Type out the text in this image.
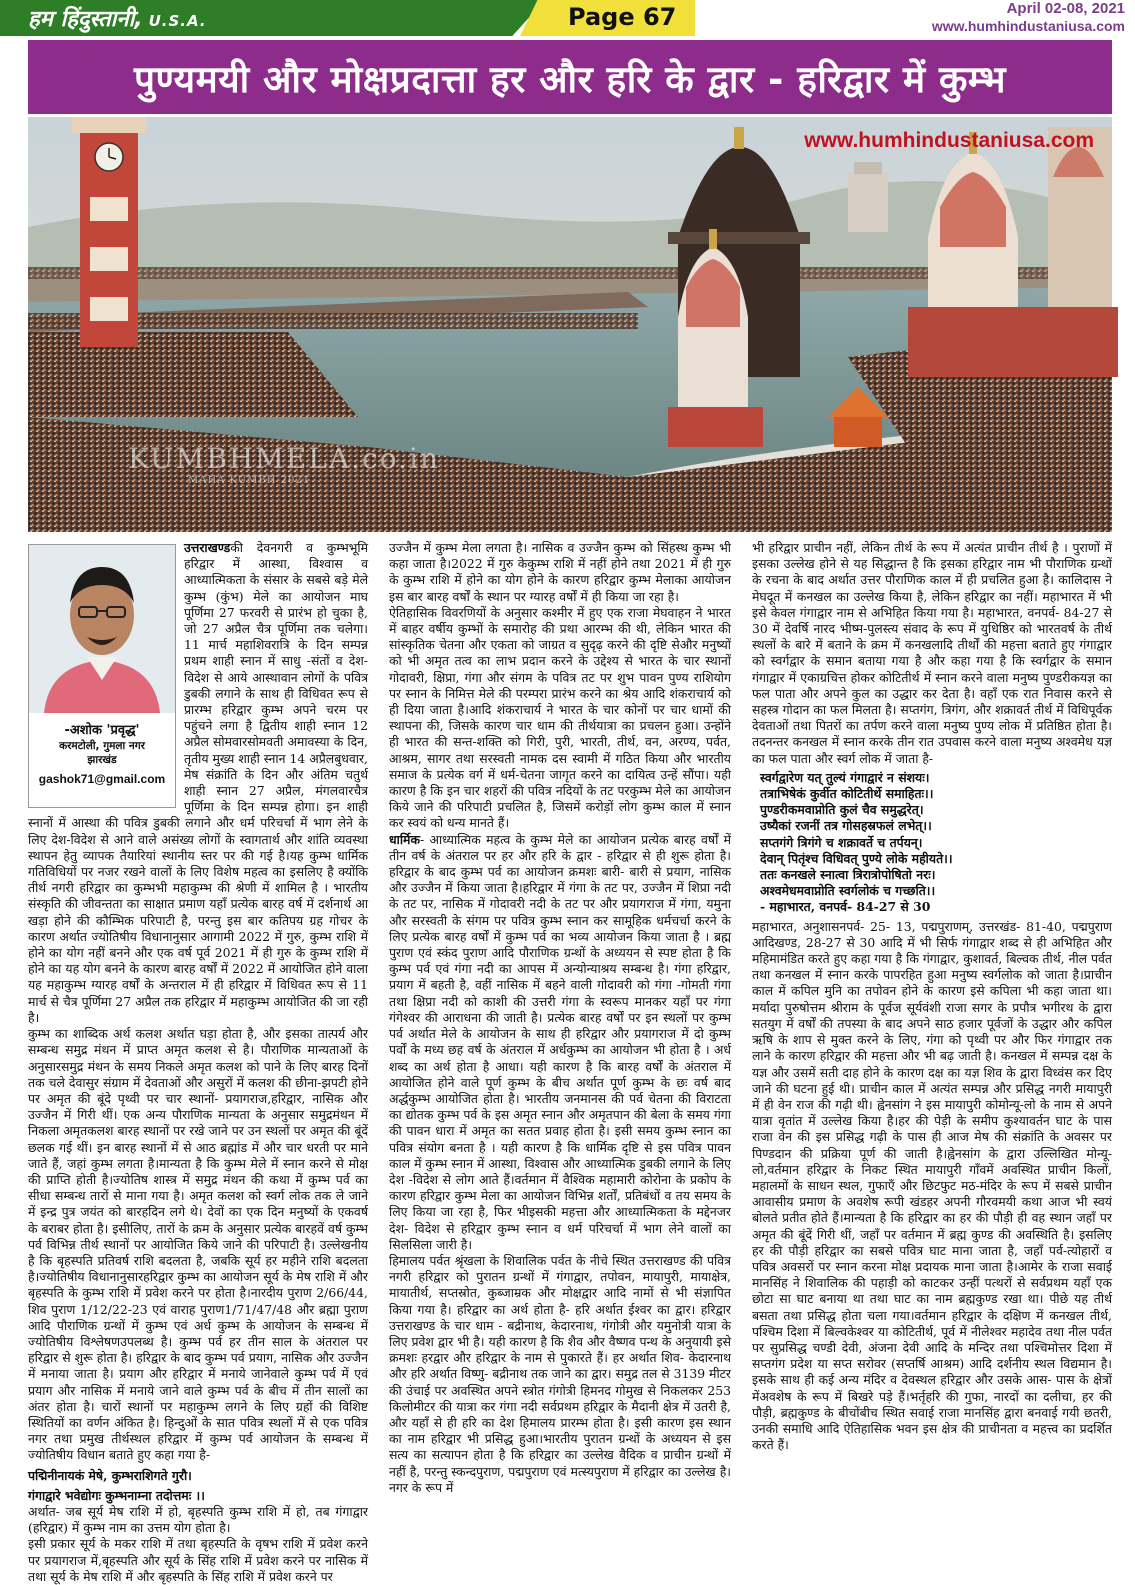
हम हिंदुस्तानी, U.S.A.	Page 67	April 02-08, 2021
www.humhindustaniusa.com
पुण्यमयी और मोक्षप्रदात्ता हर और हरि के द्वार - हरिद्वार में कुम्भ
www.humhindustaniusa.com
KUMBHMELA.co.in
MAHA KUMBH 2021
-अशोक 'प्रवृद्ध'
करमटोली, गुमला नगर
झारखंड
gashok71@gmail.com

उत्तराखण्डकी देवनगरी व कुम्भभूमि हरिद्वार में आस्था, विश्वास व आध्यात्मिकता के संसार के सबसे बड़े मेले कुम्भ (कुंभ) मेले का आयोजन माघ पूर्णिमा 27 फरवरी से प्रारंभ हो चुका है, जो 27 अप्रैल चैत्र पूर्णिमा तक चलेगा। 11 मार्च महाशिवरात्रि के दिन सम्पन्न प्रथम शाही स्नान में साधु -संतों व देश- विदेश से आये आस्थावान लोगों के पवित्र डुबकी लगाने के साथ ही विधिवत रूप से प्रारम्भ हरिद्वार कुम्भ अपने चरम पर पहुंचने लगा है द्वितीय शाही स्नान 12 अप्रैल सोमवारसोमवती अमावस्या के दिन, तृतीय मुख्य शाही स्नान 14 अप्रैलबुधवार, मेष संक्रांति के दिन और अंतिम चतुर्थ शाही स्नान 27 अप्रैल, मंगलवारचैत्र पूर्णिमा के दिन सम्पन्न होगा। इन शाही स्नानों में आस्था की पवित्र डुबकी लगाने और धर्म परिचर्चा में भाग लेने के लिए देश-विदेश से आने वाले असंख्य लोगों के स्वागतार्थ और शांति व्यवस्था स्थापन हेतु व्यापक तैयारियां स्थानीय स्तर पर की गई है।यह कुम्भ धार्मिक गतिविधियों पर नजर रखने वालों के लिए विशेष महत्व का इसलिए है क्योंकि तीर्थ नगरी हरिद्वार का कुम्भभी महाकुम्भ की श्रेणी में शामिल है । भारतीय संस्कृति की जीवन्तता का साक्षात प्रमाण यहाँ प्रत्येक बारह वर्ष में दर्शनार्थ आ खड़ा होने की कौम्भिक परिपाटी है, परन्तु इस बार कतिपय ग्रह गोचर के कारण अर्थात ज्योतिषीय विधानानुसार आगामी 2022 में गुरु, कुम्भ राशि में होने का योग नहीं बनने और एक वर्ष पूर्व 2021 में ही गुरु के कुम्भ राशि में होने का यह योग बनने के कारण बारह वर्षों में 2022 में आयोजित होने वाला यह महाकुम्भ ग्यारह वर्षों के अन्तराल में ही हरिद्वार में विधिवत रूप से 11 मार्च से चैत्र पूर्णिमा 27 अप्रैल तक हरिद्वार में महाकुम्भ आयोजित की जा रही है।

कुम्भ का शाब्दिक अर्थ कलश अर्थात घड़ा होता है, और इसका तात्पर्य और सम्बन्ध समुद्र मंथन में प्राप्त अमृत कलश से है। पौराणिक मान्यताओं के अनुसारसमुद्र मंथन के समय निकले अमृत कलश को पाने के लिए बारह दिनों तक चले देवासुर संग्राम में देवताओं और असुरों में कलश की छीना-झपटी होने पर अमृत की बूंदे पृथ्वी पर चार स्थानों- प्रयागराज,हरिद्वार, नासिक और उज्जैन में गिरी थीं। एक अन्य पौराणिक मान्यता के अनुसार समुद्रमंथन में निकला अमृतकलश बारह स्थानों पर रखे जाने पर उन स्थलों पर अमृत की बूंदें छलक गई थीं। इन बारह स्थानों में से आठ ब्रह्मांड में और चार धरती पर माने जाते हैं, जहां कुम्भ लगता है।मान्यता है कि कुम्भ मेले में स्नान करने से मोक्ष की प्राप्ति होती है।ज्योतिष शास्त्र में समुद्र मंथन की कथा में कुम्भ पर्व का सीधा सम्बन्ध तारों से माना गया है। अमृत कलश को स्वर्ग लोक तक ले जाने में इन्द्र पुत्र जयंत को बारहदिन लगे थे। देवों का एक दिन मनुष्यों के एकवर्ष के बराबर होता है। इसीलिए, तारों के क्रम के अनुसार प्रत्येक बारहवें वर्ष कुम्भ पर्व विभिन्न तीर्थ स्थानों पर आयोजित किये जाने की परिपाटी है। उल्लेखनीय है कि बृहस्पति प्रतिवर्ष राशि बदलता है, जबकि सूर्य हर महीने राशि बदलता है।ज्योतिषीय विधानानुसारहरिद्वार कुम्भ का आयोजन सूर्य के मेष राशि में और बृहस्पति के कुम्भ राशि में प्रवेश करने पर होता है।नारदीय पुराण 2/66/44, शिव पुराण 1/12/22-23 एवं वाराह पुराण1/71/47/48 और ब्रह्मा पुराण आदि पौराणिक ग्रन्थों में कुम्भ एवं अर्ध कुम्भ के आयोजन के सम्बन्ध में ज्योतिषीय विश्लेषणउपलब्ध है। कुम्भ पर्व हर तीन साल के अंतराल पर हरिद्वार से शुरू होता है। हरिद्वार के बाद कुम्भ पर्व प्रयाग, नासिक और उज्जैन में मनाया जाता है। प्रयाग और हरिद्वार में मनाये जानेवाले कुम्भ पर्व में एवं प्रयाग और नासिक में मनाये जाने वाले कुम्भ पर्व के बीच में तीन सालों का अंतर होता है। चारों स्थानों पर महाकुम्भ लगने के लिए ग्रहों की विशिष्ट स्थितियों का वर्णन अंकित है। हिन्दुओं के सात पवित्र स्थलों में से एक पवित्र नगर तथा प्रमुख तीर्थस्थल हरिद्वार में कुम्भ पर्व आयोजन के सम्बन्ध में ज्योतिषीय विधान बताते हुए कहा गया है-

पद्मिनीनायकं मेषे, कुम्भराशिगते गुरौ।
गंगाद्वारे भवेद्योगः कुम्भनाम्ना तदोत्तमः ।।

अर्थात- जब सूर्य मेष राशि में हो, बृहस्पति कुम्भ राशि में हो, तब गंगाद्वार (हरिद्वार) में कुम्भ नाम का उत्तम योग होता है।

इसी प्रकार सूर्य के मकर राशि में तथा बृहस्पति के वृषभ राशि में प्रवेश करने पर प्रयागराज में,बृहस्पति और सूर्य के सिंह राशि में प्रवेश करने पर नासिक में तथा सूर्य के मेष राशि में और बृहस्पति के सिंह राशि में प्रवेश करने पर

उज्जैन में कुम्भ मेला लगता है। नासिक व उज्जैन कुम्भ को सिंहस्थ कुम्भ भी कहा जाता है।2022 में गुरु केकुम्भ राशि में नहीं होने तथा 2021 में ही गुरु के कुम्भ राशि में होने का योग होने के कारण हरिद्वार कुम्भ मेलाका आयोजन इस बार बारह वर्षों के स्थान पर ग्यारह वर्षों में ही किया जा रहा है।

ऐतिहासिक विवरणियों के अनुसार कश्मीर में हुए एक राजा मेघवाहन ने भारत में बाहर वर्षीय कुम्भों के समारोह की प्रथा आरम्भ की थी, लेकिन भारत की सांस्कृतिक चेतना और एकता को जाग्रत व सुदृढ़ करने की दृष्टि सेऔर मनुष्यों को भी अमृत तत्व का लाभ प्रदान करने के उद्देश्य से भारत के चार स्थानों गोदावरी, क्षिप्रा, गंगा और संगम के पवित्र तट पर शुभ पावन पुण्य राशियोग पर स्नान के निमित्त मेले की परम्परा प्रारंभ करने का श्रेय आदि शंकराचार्य को ही दिया जाता है।आदि शंकराचार्य ने भारत के चार कोनों पर चार धामों की स्थापना की, जिसके कारण चार धाम की तीर्थयात्रा का प्रचलन हुआ। उन्होंने ही भारत की सन्त-शक्ति को गिरी, पुरी, भारती, तीर्थ, वन, अरण्य, पर्वत, आश्रम, सागर तथा सरस्वती नामक दस स्वामी में गठित किया और भारतीय समाज के प्रत्येक वर्ग में धर्म-चेतना जागृत करने का दायित्व उन्हें सौंपा। यही कारण है कि इन चार शहरों की पवित्र नदियों के तट परकुम्भ मेले का आयोजन किये जाने की परिपाटी प्रचलित है, जिसमें करोड़ों लोग कुम्भ काल में स्नान कर स्वयं को धन्य मानते हैं।

धार्मिक- आध्यात्मिक महत्व के कुम्भ मेले का आयोजन प्रत्येक बारह वर्षों में तीन वर्ष के अंतराल पर हर और हरि के द्वार - हरिद्वार से ही शुरू होता है। हरिद्वार के बाद कुम्भ पर्व का आयोजन क्रमशः बारी- बारी से प्रयाग, नासिक और उज्जैन में किया जाता है।हरिद्वार में गंगा के तट पर, उज्जैन में शिप्रा नदी के तट पर, नासिक में गोदावरी नदी के तट पर और प्रयागराज में गंगा, यमुना और सरस्वती के संगम पर पवित्र कुम्भ स्नान कर सामूहिक धर्मचर्चा करने के लिए प्रत्येक बारह वर्षों में कुम्भ पर्व का भव्य आयोजन किया जाता है । ब्रह्म पुराण एवं स्कंद पुराण आदि पौराणिक ग्रन्थों के अध्ययन से स्पष्ट होता है कि कुम्भ पर्व एवं गंगा नदी का आपस में अन्योन्याश्रय सम्बन्ध है। गंगा हरिद्वार, प्रयाग में बहती है, वहीं नासिक में बहने वाली गोदावरी को गंगा -गोमती गंगा तथा क्षिप्रा नदी को काशी की उत्तरी गंगा के स्वरूप मानकर यहाँ पर गंगा गंगेश्वर की आराधना की जाती है। प्रत्येक बारह वर्षों पर इन स्थलों पर कुम्भ पर्व अर्थात मेले के आयोजन के साथ ही हरिद्वार और प्रयागराज में दो कुम्भ पर्वों के मध्य छह वर्ष के अंतराल में अर्धकुम्भ का आयोजन भी होता है । अर्ध शब्द का अर्थ होता है आधा। यही कारण है कि बारह वर्षों के अंतराल में आयोजित होने वाले पूर्ण कुम्भ के बीच अर्थात पूर्ण कुम्भ के छः वर्ष बाद अर्द्धकुम्भ आयोजित होता है। भारतीय जनमानस की पर्व चेतना की विराटता का द्योतक कुम्भ पर्व के इस अमृत स्नान और अमृतपान की बेला के समय गंगा की पावन धारा में अमृत का सतत प्रवाह होता है। इसी समय कुम्भ स्नान का पवित्र संयोग बनता है । यही कारण है कि धार्मिक दृष्टि से इस पवित्र पावन काल में कुम्भ स्नान में आस्था, विश्वास और आध्यात्मिक डुबकी लगाने के लिए देश -विदेश से लोग आते हैं।वर्तमान में वैश्विक महामारी कोरोना के प्रकोप के कारण हरिद्वार कुम्भ मेला का आयोजन विभिन्न शर्तों, प्रतिबंधों व तय समय के लिए किया जा रहा है, फिर भीइसकी महत्ता और आध्यात्मिकता के मद्देनजर देश- विदेश से हरिद्वार कुम्भ स्नान व धर्म परिचर्चा में भाग लेने वालों का सिलसिला जारी है।

हिमालय पर्वत श्रृंखला के शिवालिक पर्वत के नीचे स्थित उत्तराखण्ड की पवित्र नगरी हरिद्वार को पुरातन ग्रन्थों में गंगाद्वार, तपोवन, मायापुरी, मायाक्षेत्र, मायातीर्थ, सप्तस्रोत, कुब्जाम्रक और मोक्षद्वार आदि नामों से भी संज्ञापित किया गया है। हरिद्वार का अर्थ होता है- हरि अर्थात ईश्वर का द्वार। हरिद्वार उत्तराखण्ड के चार धाम - बद्रीनाथ, केदारनाथ, गंगोत्री और यमुनोत्री यात्रा के लिए प्रवेश द्वार भी है। यही कारण है कि शैव और वैष्णव पन्थ के अनुयायी इसे क्रमशः हरद्वार और हरिद्वार के नाम से पुकारते हैं। हर अर्थात शिव- केदारनाथ और हरि अर्थात विष्णु- बद्रीनाथ तक जाने का द्वार। समुद्र तल से 3139 मीटर की उंचाई पर अवस्थित अपने स्त्रोत गंगोत्री हिमनद गोमुख से निकलकर 253 किलोमीटर की यात्रा कर गंगा नदी सर्वप्रथम हरिद्वार के मैदानी क्षेत्र में उतरी है, और यहाँ से ही हरि का देश हिमालय प्रारम्भ होता है। इसी कारण इस स्थान का नाम हरिद्वार भी प्रसिद्ध हुआ।भारतीय पुरातन ग्रन्थों के अध्ययन से इस सत्य का सत्यापन होता है कि हरिद्वार का उल्लेख वैदिक व प्राचीन ग्रन्थों में नहीं है, परन्तु स्कन्दपुराण, पद्मपुराण एवं मत्स्यपुराण में हरिद्वार का उल्लेख है। नगर के रूप में

भी हरिद्वार प्राचीन नहीं, लेकिन तीर्थ के रूप में अत्यंत प्राचीन तीर्थ है । पुराणों में इसका उल्लेख होने से यह सिद्धान्त है कि इसका हरिद्वार नाम भी पौराणिक ग्रन्थों के रचना के बाद अर्थात उत्तर पौराणिक काल में ही प्रचलित हुआ है। कालिदास ने मेघदूत में कनखल का उल्लेख किया है, लेकिन हरिद्वार का नहीं। महाभारत में भी इसे केवल गंगाद्वार नाम से अभिहित किया गया है। महाभारत, वनपर्व- 84-27 से 30 में देवर्षि नारद भीष्म-पुलस्त्य संवाद के रूप में युधिष्ठिर को भारतवर्ष के तीर्थ स्थलों के बारे में बताने के क्रम में कनखलादि तीर्थों की महत्ता बताते हुए गंगाद्वार को स्वर्गद्वार के समान बताया गया है और कहा गया है कि स्वर्गद्वार के समान गंगाद्वार में एकाग्रचित्त होकर कोटितीर्थ में स्नान करने वाला मनुष्य पुण्डरीकयज्ञ का फल पाता और अपने कुल का उद्धार कर देता है। वहाँ एक रात निवास करने से सहस्त्र गोदान का फल मिलता है। सप्तगंग, त्रिगंग, और शक्रावर्त तीर्थ में विधिपूर्वक देवताओं तथा पितरों का तर्पण करने वाला मनुष्य पुण्य लोक में प्रतिष्ठित होता है। तदनन्तर कनखल में स्नान करके तीन रात उपवास करने वाला मनुष्य अश्वमेध यज्ञ का फल पाता और स्वर्ग लोक में जाता है-

स्वर्गद्वारेण यत् तुल्यं गंगाद्वारं न संशयः।
तत्राभिषेकं कुर्वीत कोटितीर्थे समाहितः।।
पुण्डरीकमवाप्नोति कुलं चैव समुद्धरेत्।
उष्यैकां रजनीं तत्र गोसहस्रफलं लभेत्।।
सप्तगंगे त्रिगंगे च शक्रावर्ते च तर्पयन्।
देवान् पितृंश्च विधिवत् पुण्ये लोके महीयते।।
ततः कनखले स्नात्वा त्रिरात्रोपोषितो नरः।
अश्वमेधमवाप्नोति स्वर्गलोकं च गच्छति।।
- महाभारत, वनपर्व- 84-27 से 30

महाभारत, अनुशासनपर्व- 25- 13, पद्मपुराणम्, उत्तरखंड- 81-40, पद्मपुराण आदिखण्ड, 28-27 से 30 आदि में भी सिर्फ गंगाद्वार शब्द से ही अभिहित और महिमामंडित करते हुए कहा गया है कि गंगाद्वार, कुशावर्त, बिल्वक तीर्थ, नील पर्वत तथा कनखल में स्नान करके पापरहित हुआ मनुष्य स्वर्गलोक को जाता है।प्राचीन काल में कपिल मुनि का तपोवन होने के कारण इसे कपिला भी कहा जाता था। मर्यादा पुरुषोत्तम श्रीराम के पूर्वज सूर्यवंशी राजा सगर के प्रपौत्र भगीरथ के द्वारा सतयुग में वर्षों की तपस्या के बाद अपने साठ हजार पूर्वजों के उद्धार और कपिल ऋषि के शाप से मुक्त करने के लिए, गंगा को पृथ्वी पर और फिर गंगाद्वार तक लाने के कारण हरिद्वार की महत्ता और भी बढ़ जाती है। कनखल में सम्पन्न दक्ष के यज्ञ और उसमें सती दाह होने के कारण दक्ष का यज्ञ शिव के द्वारा विध्वंस कर दिए जाने की घटना हुई थी। प्राचीन काल में अत्यंत सम्पन्न और प्रसिद्ध नगरी मायापुरी में ही वेन राज की गढ़ी थी। ह्वेनसांग ने इस मायापुरी कोमोन्यू-लो के नाम से अपने यात्रा वृतांत में उल्लेख किया है।हर की पेड़ी के समीप कुश्यावर्तन घाट के पास राजा वेन की इस प्रसिद्ध गढ़ी के पास ही आज मेष की संक्रांति के अवसर पर पिण्डदान की प्रक्रिया पूर्ण की जाती है।ह्वेनसांग के द्वारा उल्लिखित मोन्यू-लो,वर्तमान हरिद्वार के निकट स्थित मायापुरी गाँवमें अवस्थित प्राचीन किलों, महालमों के साधन स्थल, गुफाएँ और छिटफुट मठ-मंदिर के रूप में सबसे प्राचीन आवासीय प्रमाण के अवशेष रूपी खंडहर अपनी गौरवमयी कथा आज भी स्वयं बोलते प्रतीत होते हैं।मान्यता है कि हरिद्वार का हर की पौड़ी ही वह स्थान जहाँ पर अमृत की बूंदें गिरी थीं, जहाँ पर वर्तमान में ब्रह्म कुण्ड की अवस्थिति है। इसलिए हर की पौड़ी हरिद्वार का सबसे पवित्र घाट माना जाता है, जहाँ पर्व-त्योहारों व पवित्र अवसरों पर स्नान करना मोक्ष प्रदायक माना जाता है।आमेर के राजा सवाई मानसिंह ने शिवालिक की पहाड़ी को काटकर उन्हीं पत्थरों से सर्वप्रथम यहाँ एक छोटा सा घाट बनाया था तथा घाट का नाम ब्रह्मकुण्ड रखा था। पीछे यह तीर्थ बसता तथा प्रसिद्ध होता चला गया।वर्तमान हरिद्वार के दक्षिण में कनखल तीर्थ, पश्चिम दिशा में बिल्वकेश्वर या कोटितीर्थ, पूर्व में नीलेश्वर महादेव तथा नील पर्वत पर सुप्रसिद्ध चण्डी देवी, अंजना देवी आदि के मन्दिर तथा पश्चिमोत्तर दिशा में सप्तगंग प्रदेश या सप्त सरोवर (सप्तर्षि आश्रम) आदि दर्शनीय स्थल विद्यमान है।इसके साथ ही कई अन्य मंदिर व देवस्थल हरिद्वार और उसके आस- पास के क्षेत्रों मेंअवशेष के रूप में बिखरे पड़े हैं।भर्तृहरि की गुफा, नारदों का दलीचा, हर की पौड़ी, ब्रह्मकुण्ड के बीचोंबीच स्थित सवाई राजा मानसिंह द्वारा बनवाई गयी छतरी, उनकी समाधि आदि ऐतिहासिक भवन इस क्षेत्र की प्राचीनता व महत्त्व का प्रदर्शित करते हैं।
